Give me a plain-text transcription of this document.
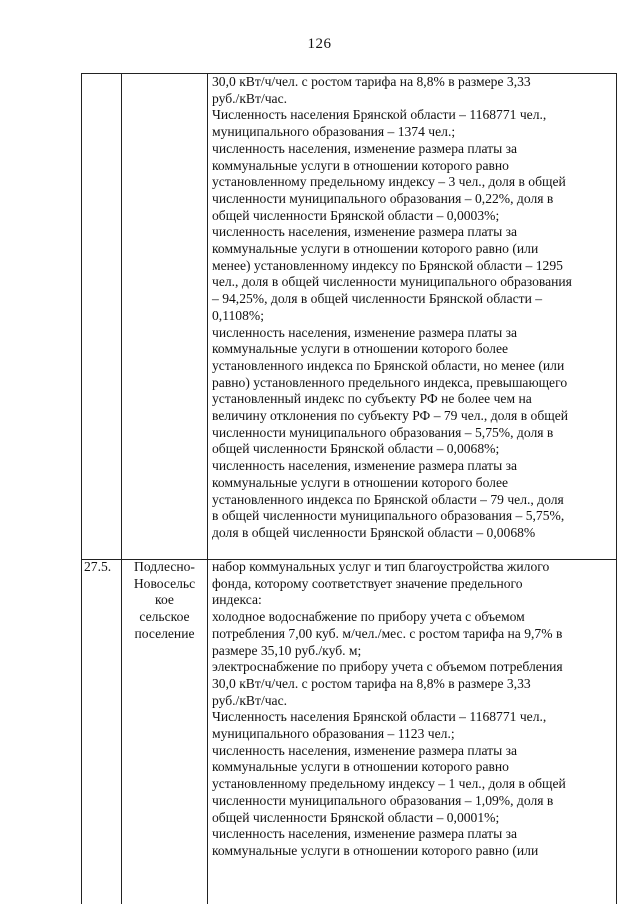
126
30,0 кВт/ч/чел. с ростом тарифа на 8,8% в размере 3,33
руб./кВт/час.
Численность населения Брянской области – 1168771 чел.,
муниципального образования – 1374 чел.;
численность населения, изменение размера платы за
коммунальные услуги в отношении которого равно
установленному предельному индексу – 3 чел., доля в общей
численности муниципального образования – 0,22%, доля в
общей численности Брянской области – 0,0003%;
численность населения, изменение размера платы за
коммунальные услуги в отношении которого равно (или
менее) установленному индексу по Брянской области – 1295
чел., доля в общей численности муниципального образования
– 94,25%, доля в общей численности Брянской области –
0,1108%;
численность населения, изменение размера платы за
коммунальные услуги в отношении которого более
установленного индекса по Брянской области, но менее (или
равно) установленного предельного индекса, превышающего
установленный индекс по субъекту РФ не более чем на
величину отклонения по субъекту РФ – 79 чел., доля в общей
численности муниципального образования – 5,75%, доля в
общей численности Брянской области – 0,0068%;
численность населения, изменение размера платы за
коммунальные услуги в отношении которого более
установленного индекса по Брянской области – 79 чел., доля
в общей численности муниципального образования – 5,75%,
доля в общей численности Брянской области – 0,0068%
27.5.	Подлесно-
Новосельс
кое
сельское
поселение
набор коммунальных услуг и тип благоустройства жилого
фонда, которому соответствует значение предельного
индекса:
холодное водоснабжение по прибору учета с объемом
потребления 7,00 куб. м/чел./мес. с ростом тарифа на 9,7% в
размере 35,10 руб./куб. м;
электроснабжение по прибору учета с объемом потребления
30,0 кВт/ч/чел. с ростом тарифа на 8,8% в размере 3,33
руб./кВт/час.
Численность населения Брянской области – 1168771 чел.,
муниципального образования – 1123 чел.;
численность населения, изменение размера платы за
коммунальные услуги в отношении которого равно
установленному предельному индексу – 1 чел., доля в общей
численности муниципального образования – 1,09%, доля в
общей численности Брянской области – 0,0001%;
численность населения, изменение размера платы за
коммунальные услуги в отношении которого равно (или
